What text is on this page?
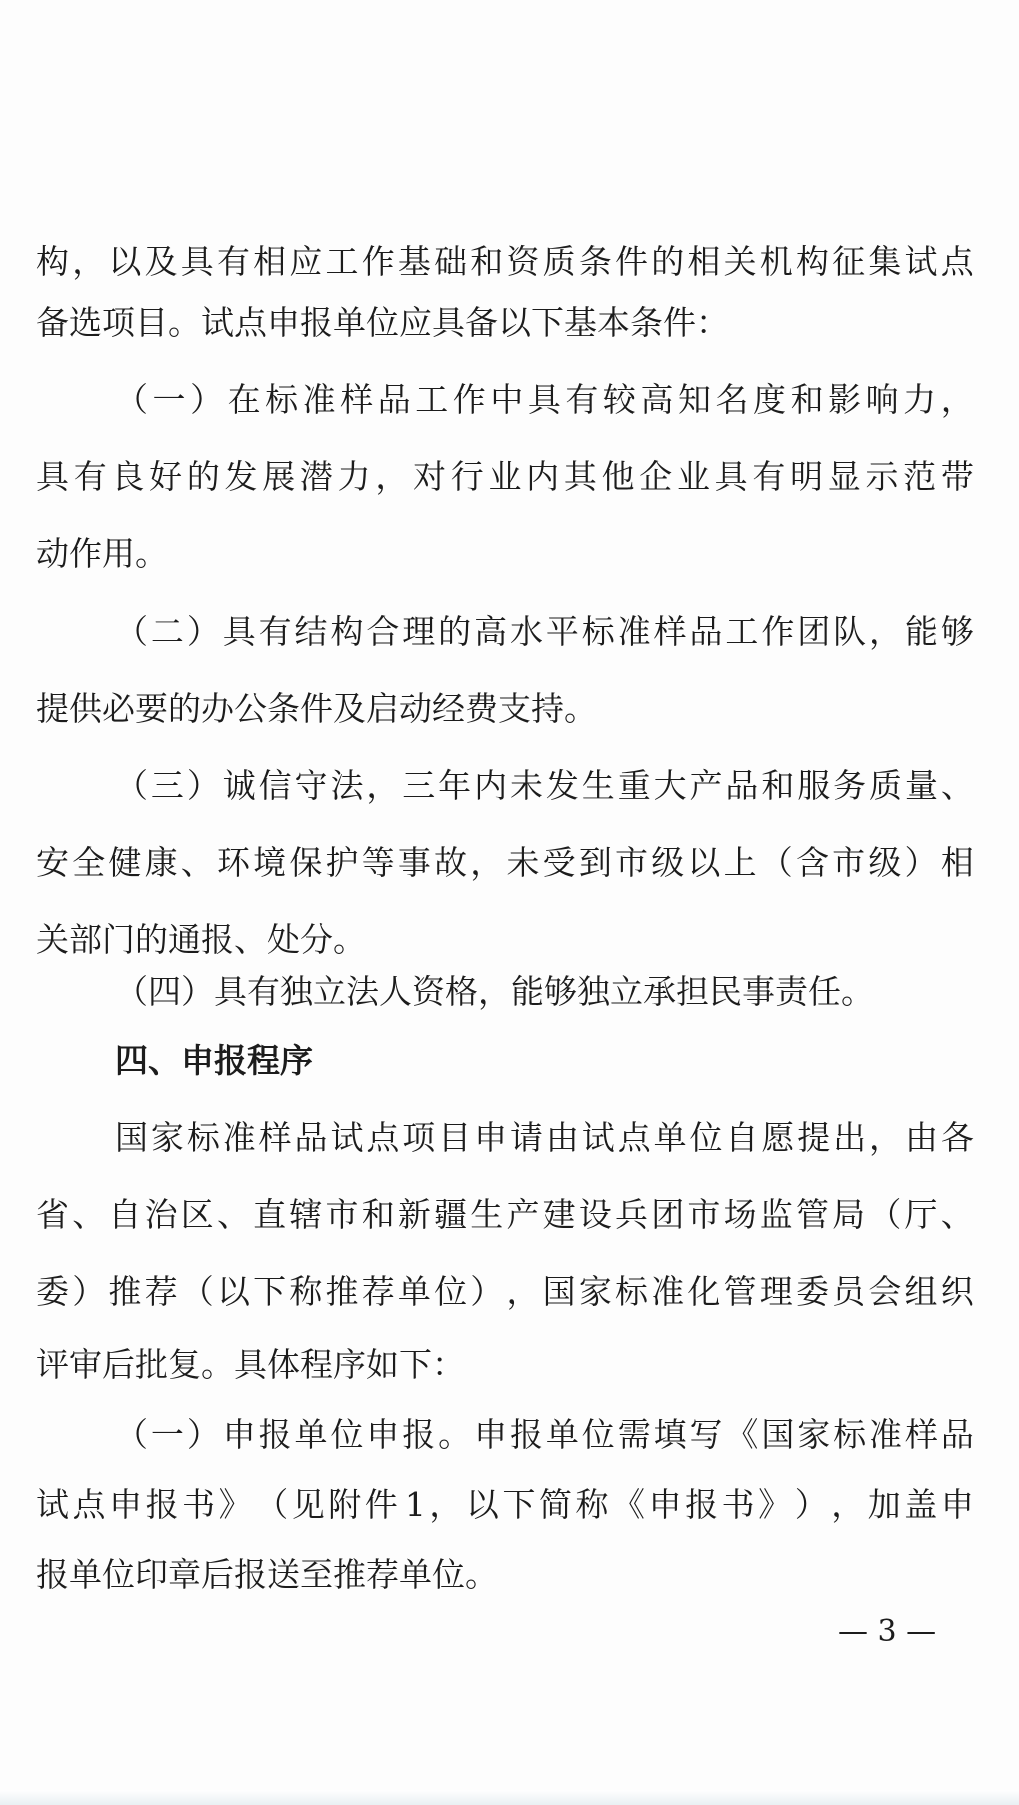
构 ， 以 及 具 有 相 应 工 作 基 础 和 资 质 条 件 的 相 关 机 构 征 集 试 点
备选项目。试点申报单位应具备以下基本条件：
（ 一 ） 在 标 准 样 品 工 作 中 具 有 较 高 知 名 度 和 影 响 力 ，
具 有 良 好 的 发 展 潜 力 ， 对 行 业 内 其 他 企 业 具 有 明 显 示 范 带
动作用。
（ 二 ） 具 有 结 构 合 理 的 高 水 平 标 准 样 品 工 作 团 队 ， 能 够
提供必要的办公条件及启动经费支持。
（ 三 ） 诚 信 守 法 ， 三 年 内 未 发 生 重 大 产 品 和 服 务 质 量 、
安 全 健 康 、 环 境 保 护 等 事 故 ， 未 受 到 市 级 以 上 （ 含 市 级 ） 相
关部门的通报、处分。
（四）具有独立法人资格，能够独立承担民事责任。
四、申报程序
国 家 标 准 样 品 试 点 项 目 申 请 由 试 点 单 位 自 愿 提 出 ， 由 各
省 、 自 治 区 、 直 辖 市 和 新 疆 生 产 建 设 兵 团 市 场 监 管 局 （ 厅 、
委 ） 推 荐 （ 以 下 称 推 荐 单 位 ） ， 国 家 标 准 化 管 理 委 员 会 组 织
评审后批复。具体程序如下：
（ 一 ） 申 报 单 位 申 报 。 申 报 单 位 需 填 写 《 国 家 标 准 样 品
试 点 申 报 书 》 （ 见 附 件 1 ， 以 下 简 称 《 申 报 书 》 ） ， 加 盖 申
报单位印章后报送至推荐单位。
— 3 —
